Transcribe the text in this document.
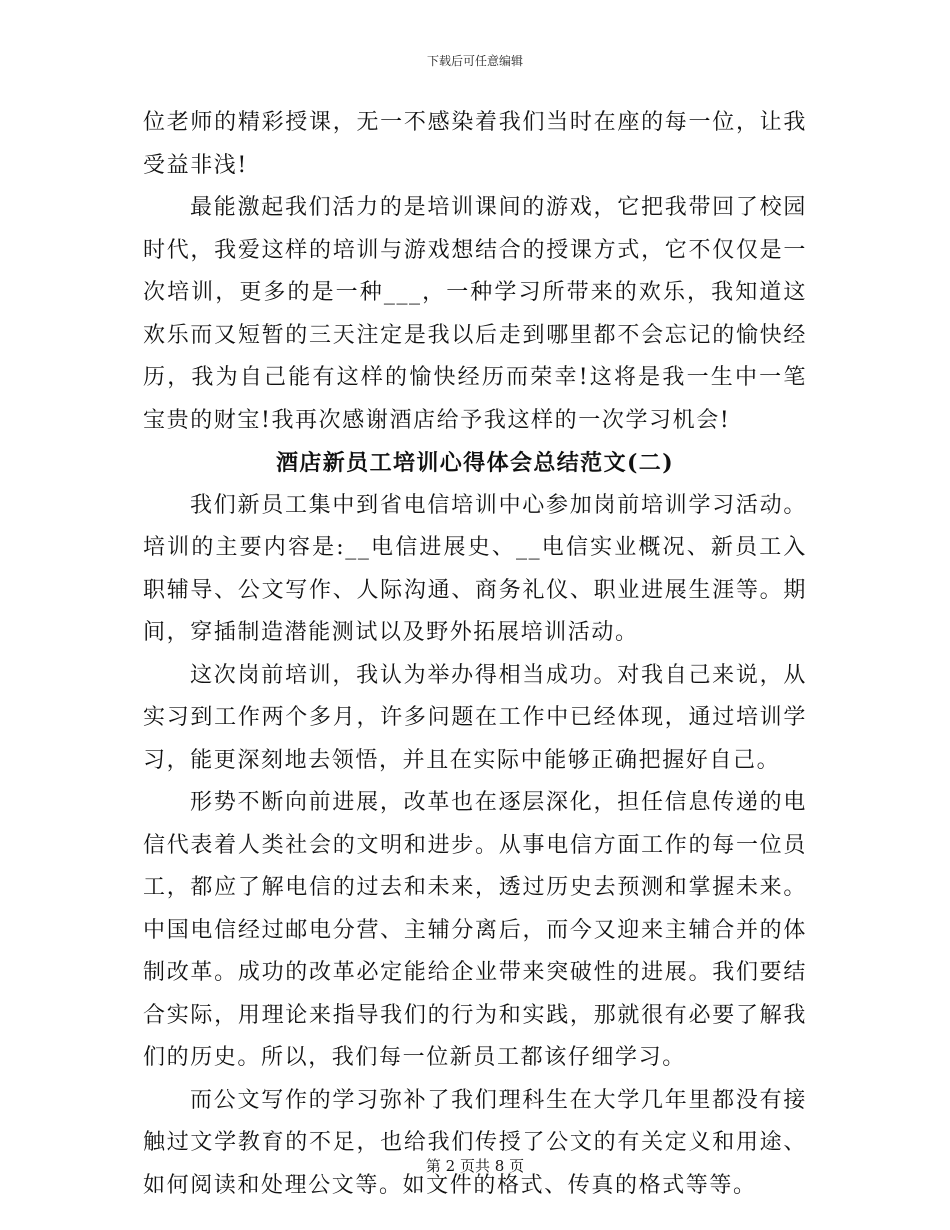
下载后可任意编辑

位老师的精彩授课，无一不感染着我们当时在座的每一位，让我受益非浅!

最能激起我们活力的是培训课间的游戏，它把我带回了校园时代，我爱这样的培训与游戏想结合的授课方式，它不仅仅是一次培训，更多的是一种___，一种学习所带来的欢乐，我知道这欢乐而又短暂的三天注定是我以后走到哪里都不会忘记的愉快经历，我为自己能有这样的愉快经历而荣幸!这将是我一生中一笔宝贵的财宝!我再次感谢酒店给予我这样的一次学习机会!

酒店新员工培训心得体会总结范文(二)

我们新员工集中到省电信培训中心参加岗前培训学习活动。培训的主要内容是:__电信进展史、__电信实业概况、新员工入职辅导、公文写作、人际沟通、商务礼仪、职业进展生涯等。期间，穿插制造潜能测试以及野外拓展培训活动。

这次岗前培训，我认为举办得相当成功。对我自己来说，从实习到工作两个多月，许多问题在工作中已经体现，通过培训学习，能更深刻地去领悟，并且在实际中能够正确把握好自己。

形势不断向前进展，改革也在逐层深化，担任信息传递的电信代表着人类社会的文明和进步。从事电信方面工作的每一位员工，都应了解电信的过去和未来，透过历史去预测和掌握未来。中国电信经过邮电分营、主辅分离后，而今又迎来主辅合并的体制改革。成功的改革必定能给企业带来突破性的进展。我们要结合实际，用理论来指导我们的行为和实践，那就很有必要了解我们的历史。所以，我们每一位新员工都该仔细学习。

而公文写作的学习弥补了我们理科生在大学几年里都没有接触过文学教育的不足，也给我们传授了公文的有关定义和用途、如何阅读和处理公文等。如文件的格式、传真的格式等等。

第 2 页共 8 页
